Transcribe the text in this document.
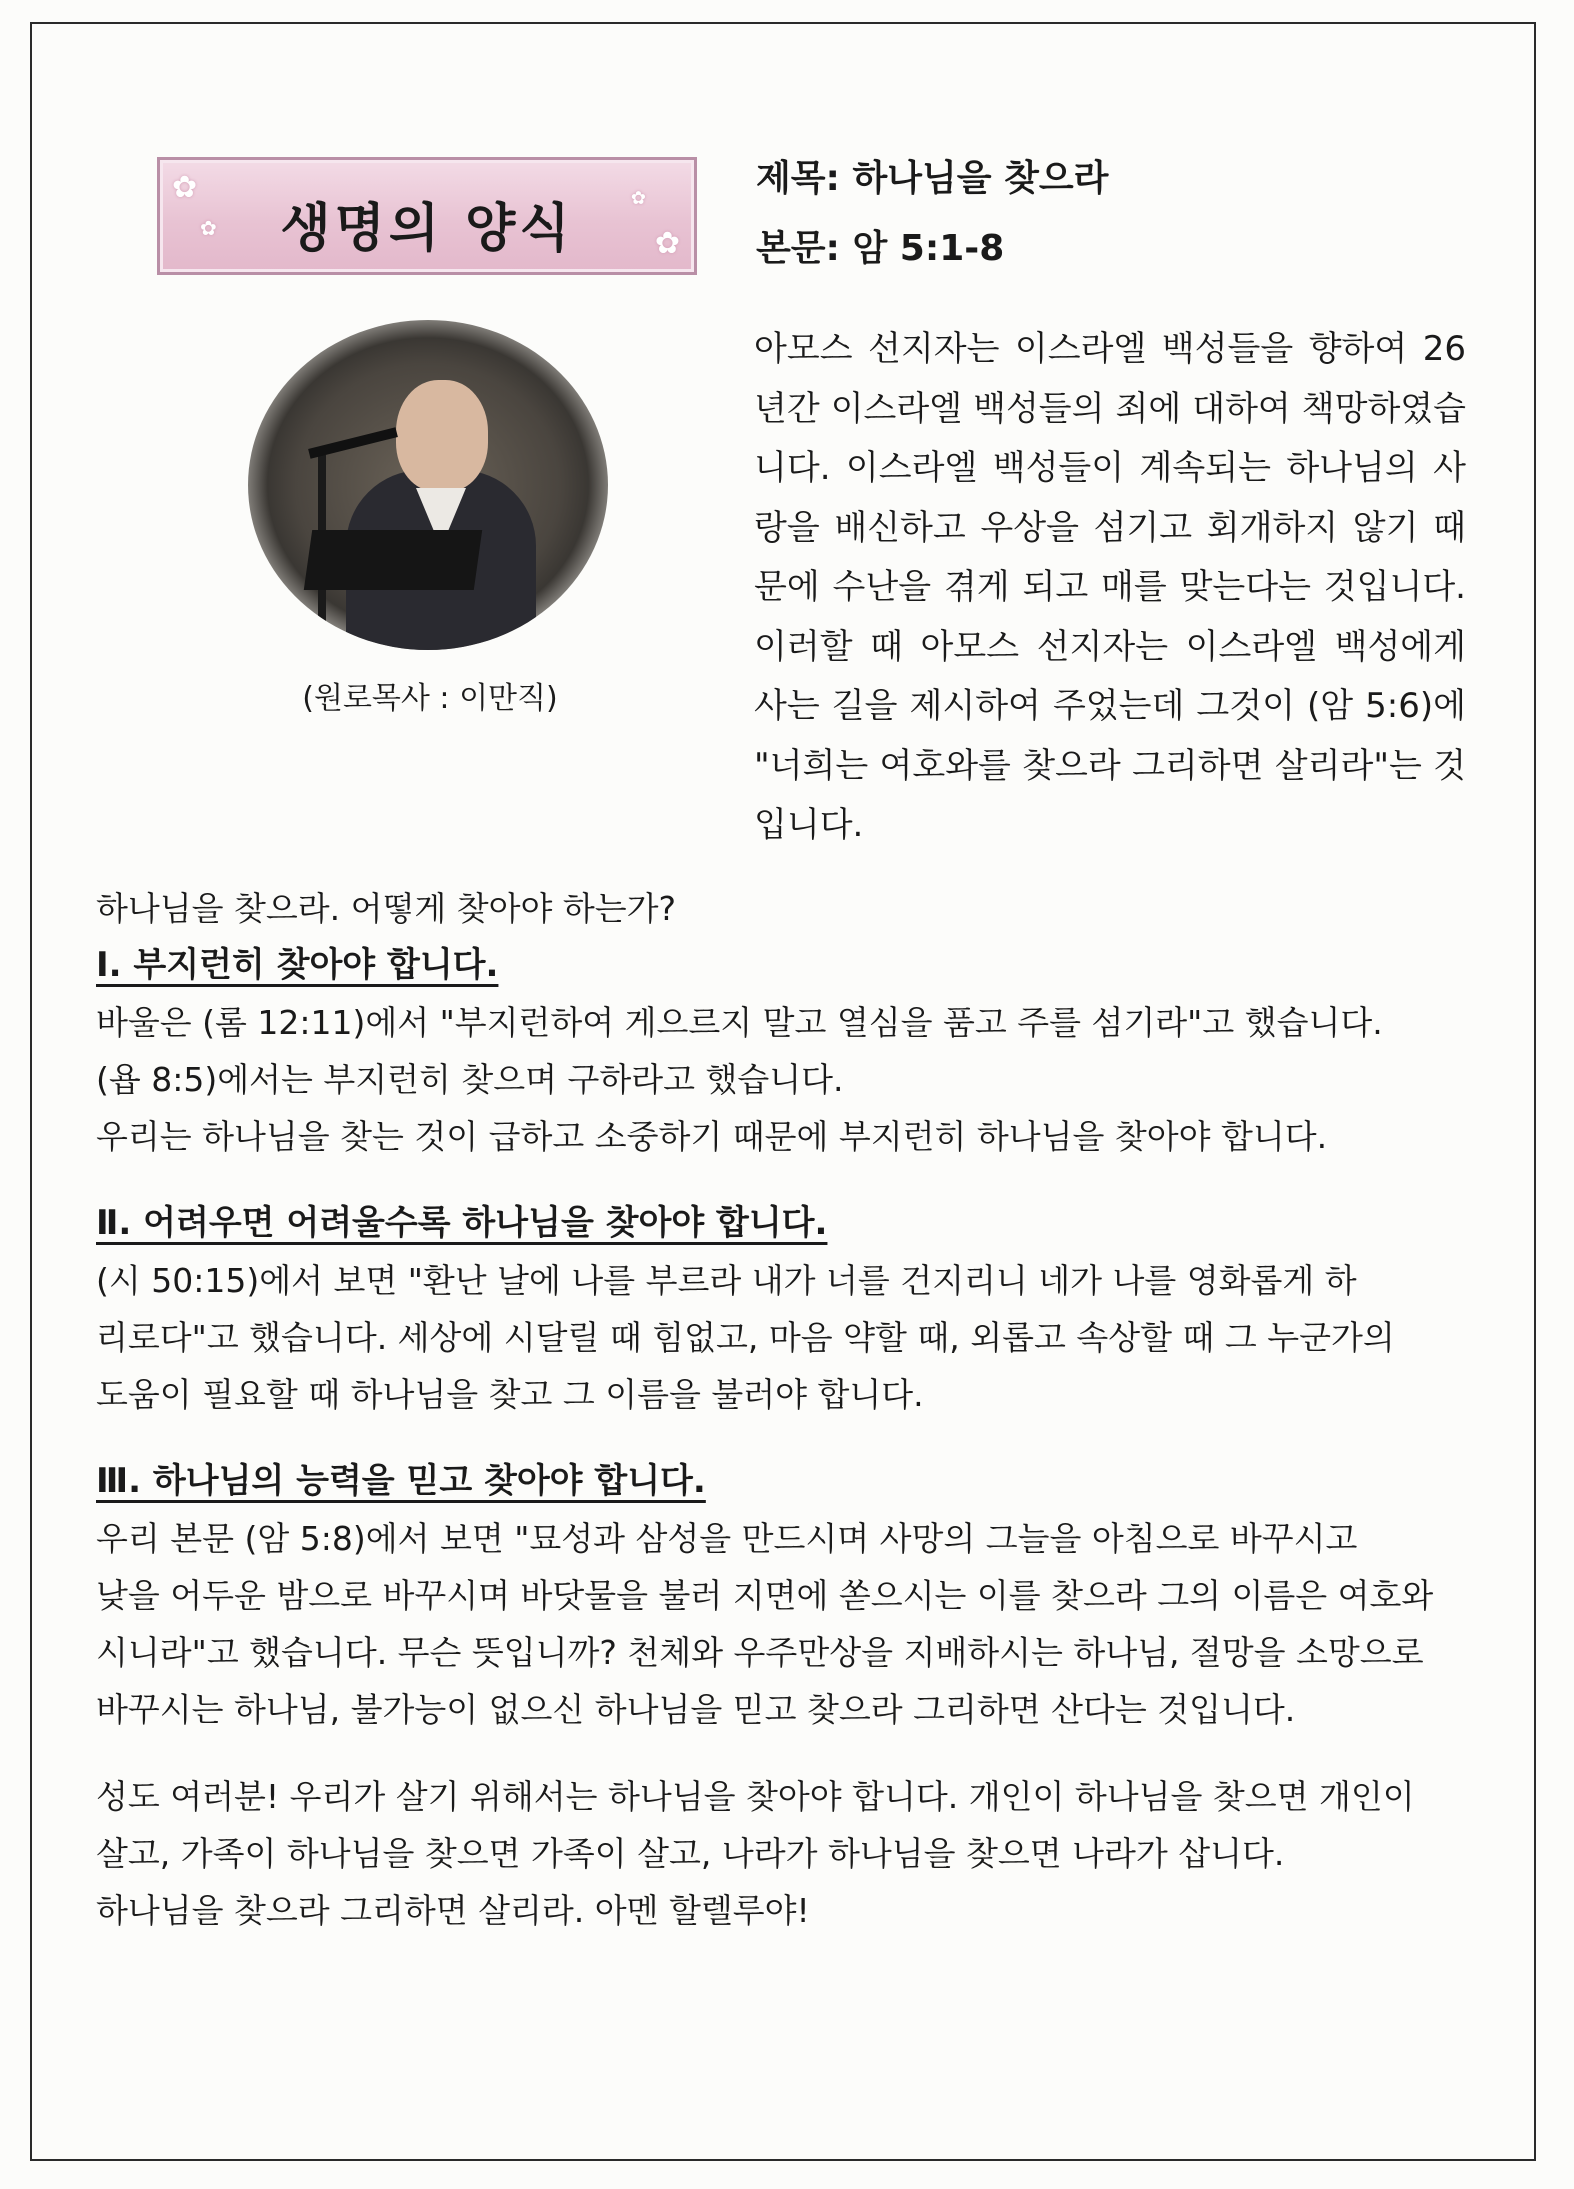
✿
✿	✿
✿
생명의 양식
제목: 하나님을 찾으라
본문: 암 5:1-8
(원로목사 : 이만직)
아모스 선지자는 이스라엘 백성들을 향하여 26년간 이스라엘 백성들의 죄에 대하여 책망하였습니다. 이스라엘 백성들이 계속되는 하나님의 사랑을 배신하고 우상을 섬기고 회개하지 않기 때문에 수난을 겪게 되고 매를 맞는다는 것입니다. 이러할 때 아모스 선지자는 이스라엘 백성에게 사는 길을 제시하여 주었는데 그것이 (암 5:6)에 "너희는 여호와를 찾으라 그리하면 살리라"는 것입니다.

하나님을 찾으라. 어떻게 찾아야 하는가?

Ⅰ. 부지런히 찾아야 합니다.

바울은 (롬 12:11)에서 "부지런하여 게으르지 말고 열심을 품고 주를 섬기라"고 했습니다.

(욥 8:5)에서는 부지런히 찾으며 구하라고 했습니다.

우리는 하나님을 찾는 것이 급하고 소중하기 때문에 부지런히 하나님을 찾아야 합니다.

Ⅱ. 어려우면 어려울수록 하나님을 찾아야 합니다.

(시 50:15)에서 보면 "환난 날에 나를 부르라 내가 너를 건지리니 네가 나를 영화롭게 하

리로다"고 했습니다. 세상에 시달릴 때 힘없고, 마음 약할 때, 외롭고 속상할 때 그 누군가의

도움이 필요할 때 하나님을 찾고 그 이름을 불러야 합니다.

Ⅲ. 하나님의 능력을 믿고 찾아야 합니다.

우리 본문 (암 5:8)에서 보면 "묘성과 삼성을 만드시며 사망의 그늘을 아침으로 바꾸시고

낮을 어두운 밤으로 바꾸시며 바닷물을 불러 지면에 쏟으시는 이를 찾으라 그의 이름은 여호와

시니라"고 했습니다. 무슨 뜻입니까? 천체와 우주만상을 지배하시는 하나님, 절망을 소망으로

바꾸시는 하나님, 불가능이 없으신 하나님을 믿고 찾으라 그리하면 산다는 것입니다.

성도 여러분! 우리가 살기 위해서는 하나님을 찾아야 합니다. 개인이 하나님을 찾으면 개인이

살고, 가족이 하나님을 찾으면 가족이 살고, 나라가 하나님을 찾으면 나라가 삽니다.

하나님을 찾으라 그리하면 살리라. 아멘 할렐루야!
